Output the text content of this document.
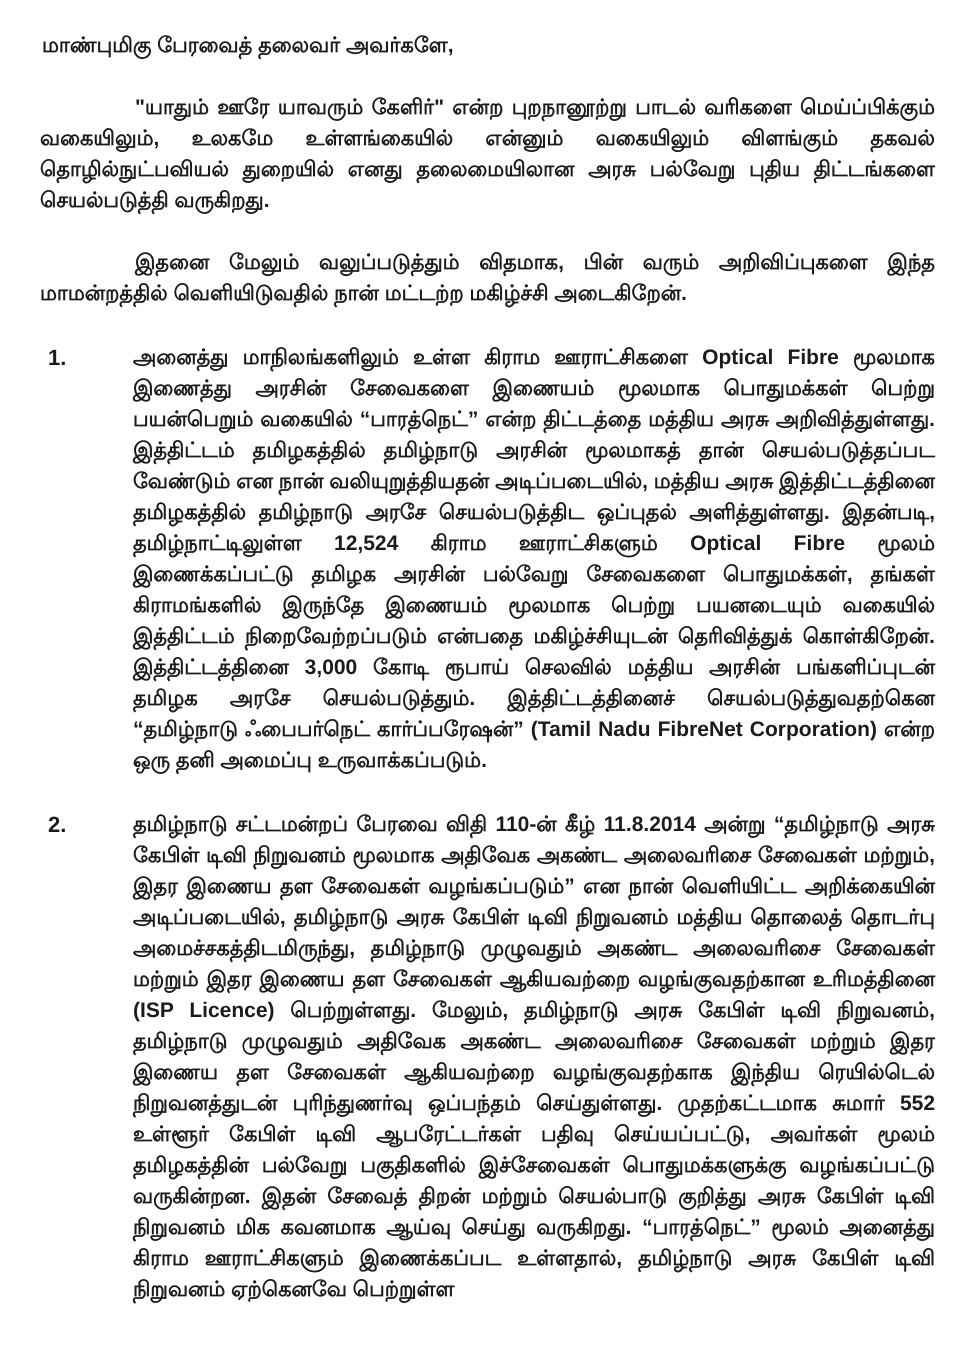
மாண்புமிகு பேரவைத் தலைவர் அவர்களே,

"யாதும் ஊரே யாவரும் கேளிர்" என்ற புறநானூற்று பாடல் வரிகளை மெய்ப்பிக்கும் வகையிலும், உலகமே உள்ளங்கையில் என்னும் வகையிலும் விளங்கும் தகவல் தொழில்நுட்பவியல் துறையில் எனது தலைமையிலான அரசு பல்வேறு புதிய திட்டங்களை செயல்படுத்தி வருகிறது.

இதனை மேலும் வலுப்படுத்தும் விதமாக, பின் வரும் அறிவிப்புகளை இந்த மாமன்றத்தில் வெளியிடுவதில் நான் மட்டற்ற மகிழ்ச்சி அடைகிறேன்.

1.	அனைத்து மாநிலங்களிலும் உள்ள கிராம ஊராட்சிகளை Optical Fibre மூலமாக இணைத்து அரசின் சேவைகளை இணையம் மூலமாக பொதுமக்கள் பெற்று பயன்பெறும் வகையில் “பாரத்நெட்” என்ற திட்டத்தை மத்திய அரசு அறிவித்துள்ளது. இத்திட்டம் தமிழகத்தில் தமிழ்நாடு அரசின் மூலமாகத் தான் செயல்படுத்தப்பட வேண்டும் என நான் வலியுறுத்தியதன் அடிப்படையில், மத்திய அரசு இத்திட்டத்தினை தமிழகத்தில் தமிழ்நாடு அரசே செயல்படுத்திட ஒப்புதல் அளித்துள்ளது. இதன்படி, தமிழ்நாட்டிலுள்ள 12,524 கிராம ஊராட்சிகளும் Optical Fibre மூலம் இணைக்கப்பட்டு தமிழக அரசின் பல்வேறு சேவைகளை பொதுமக்கள், தங்கள் கிராமங்களில் இருந்தே இணையம் மூலமாக பெற்று பயனடையும் வகையில் இத்திட்டம் நிறைவேற்றப்படும் என்பதை மகிழ்ச்சியுடன் தெரிவித்துக் கொள்கிறேன். இத்திட்டத்தினை 3,000 கோடி ரூபாய் செலவில் மத்திய அரசின் பங்களிப்புடன் தமிழக அரசே செயல்படுத்தும். இத்திட்டத்தினைச் செயல்படுத்துவதற்கென “தமிழ்நாடு ஃபைபர்நெட் கார்ப்பரேஷன்” (Tamil Nadu FibreNet Corporation) என்ற ஒரு தனி அமைப்பு உருவாக்கப்படும்.
2.	தமிழ்நாடு சட்டமன்றப் பேரவை விதி 110-ன் கீழ் 11.8.2014 அன்று “தமிழ்நாடு அரசு கேபிள் டிவி நிறுவனம் மூலமாக அதிவேக அகண்ட அலைவரிசை சேவைகள் மற்றும், இதர இணைய தள சேவைகள் வழங்கப்படும்” என நான் வெளியிட்ட அறிக்கையின் அடிப்படையில், தமிழ்நாடு அரசு கேபிள் டிவி நிறுவனம் மத்திய தொலைத் தொடர்பு அமைச்சகத்திடமிருந்து, தமிழ்நாடு முழுவதும் அகண்ட அலைவரிசை சேவைகள் மற்றும் இதர இணைய தள சேவைகள் ஆகியவற்றை வழங்குவதற்கான உரிமத்தினை (ISP Licence) பெற்றுள்ளது. மேலும், தமிழ்நாடு அரசு கேபிள் டிவி நிறுவனம், தமிழ்நாடு முழுவதும் அதிவேக அகண்ட அலைவரிசை சேவைகள் மற்றும் இதர இணைய தள சேவைகள் ஆகியவற்றை வழங்குவதற்காக இந்திய ரெயில்டெல் நிறுவனத்துடன் புரிந்துணர்வு ஒப்பந்தம் செய்துள்ளது. முதற்கட்டமாக சுமார் 552 உள்ளூர் கேபிள் டிவி ஆபரேட்டர்கள் பதிவு செய்யப்பட்டு, அவர்கள் மூலம் தமிழகத்தின் பல்வேறு பகுதிகளில் இச்சேவைகள் பொதுமக்களுக்கு வழங்கப்பட்டு வருகின்றன. இதன் சேவைத் திறன் மற்றும் செயல்பாடு குறித்து அரசு கேபிள் டிவி நிறுவனம் மிக கவனமாக ஆய்வு செய்து வருகிறது. “பாரத்நெட்” மூலம் அனைத்து கிராம ஊராட்சிகளும் இணைக்கப்பட உள்ளதால், தமிழ்நாடு அரசு கேபிள் டிவி நிறுவனம் ஏற்கெனவே பெற்றுள்ள
